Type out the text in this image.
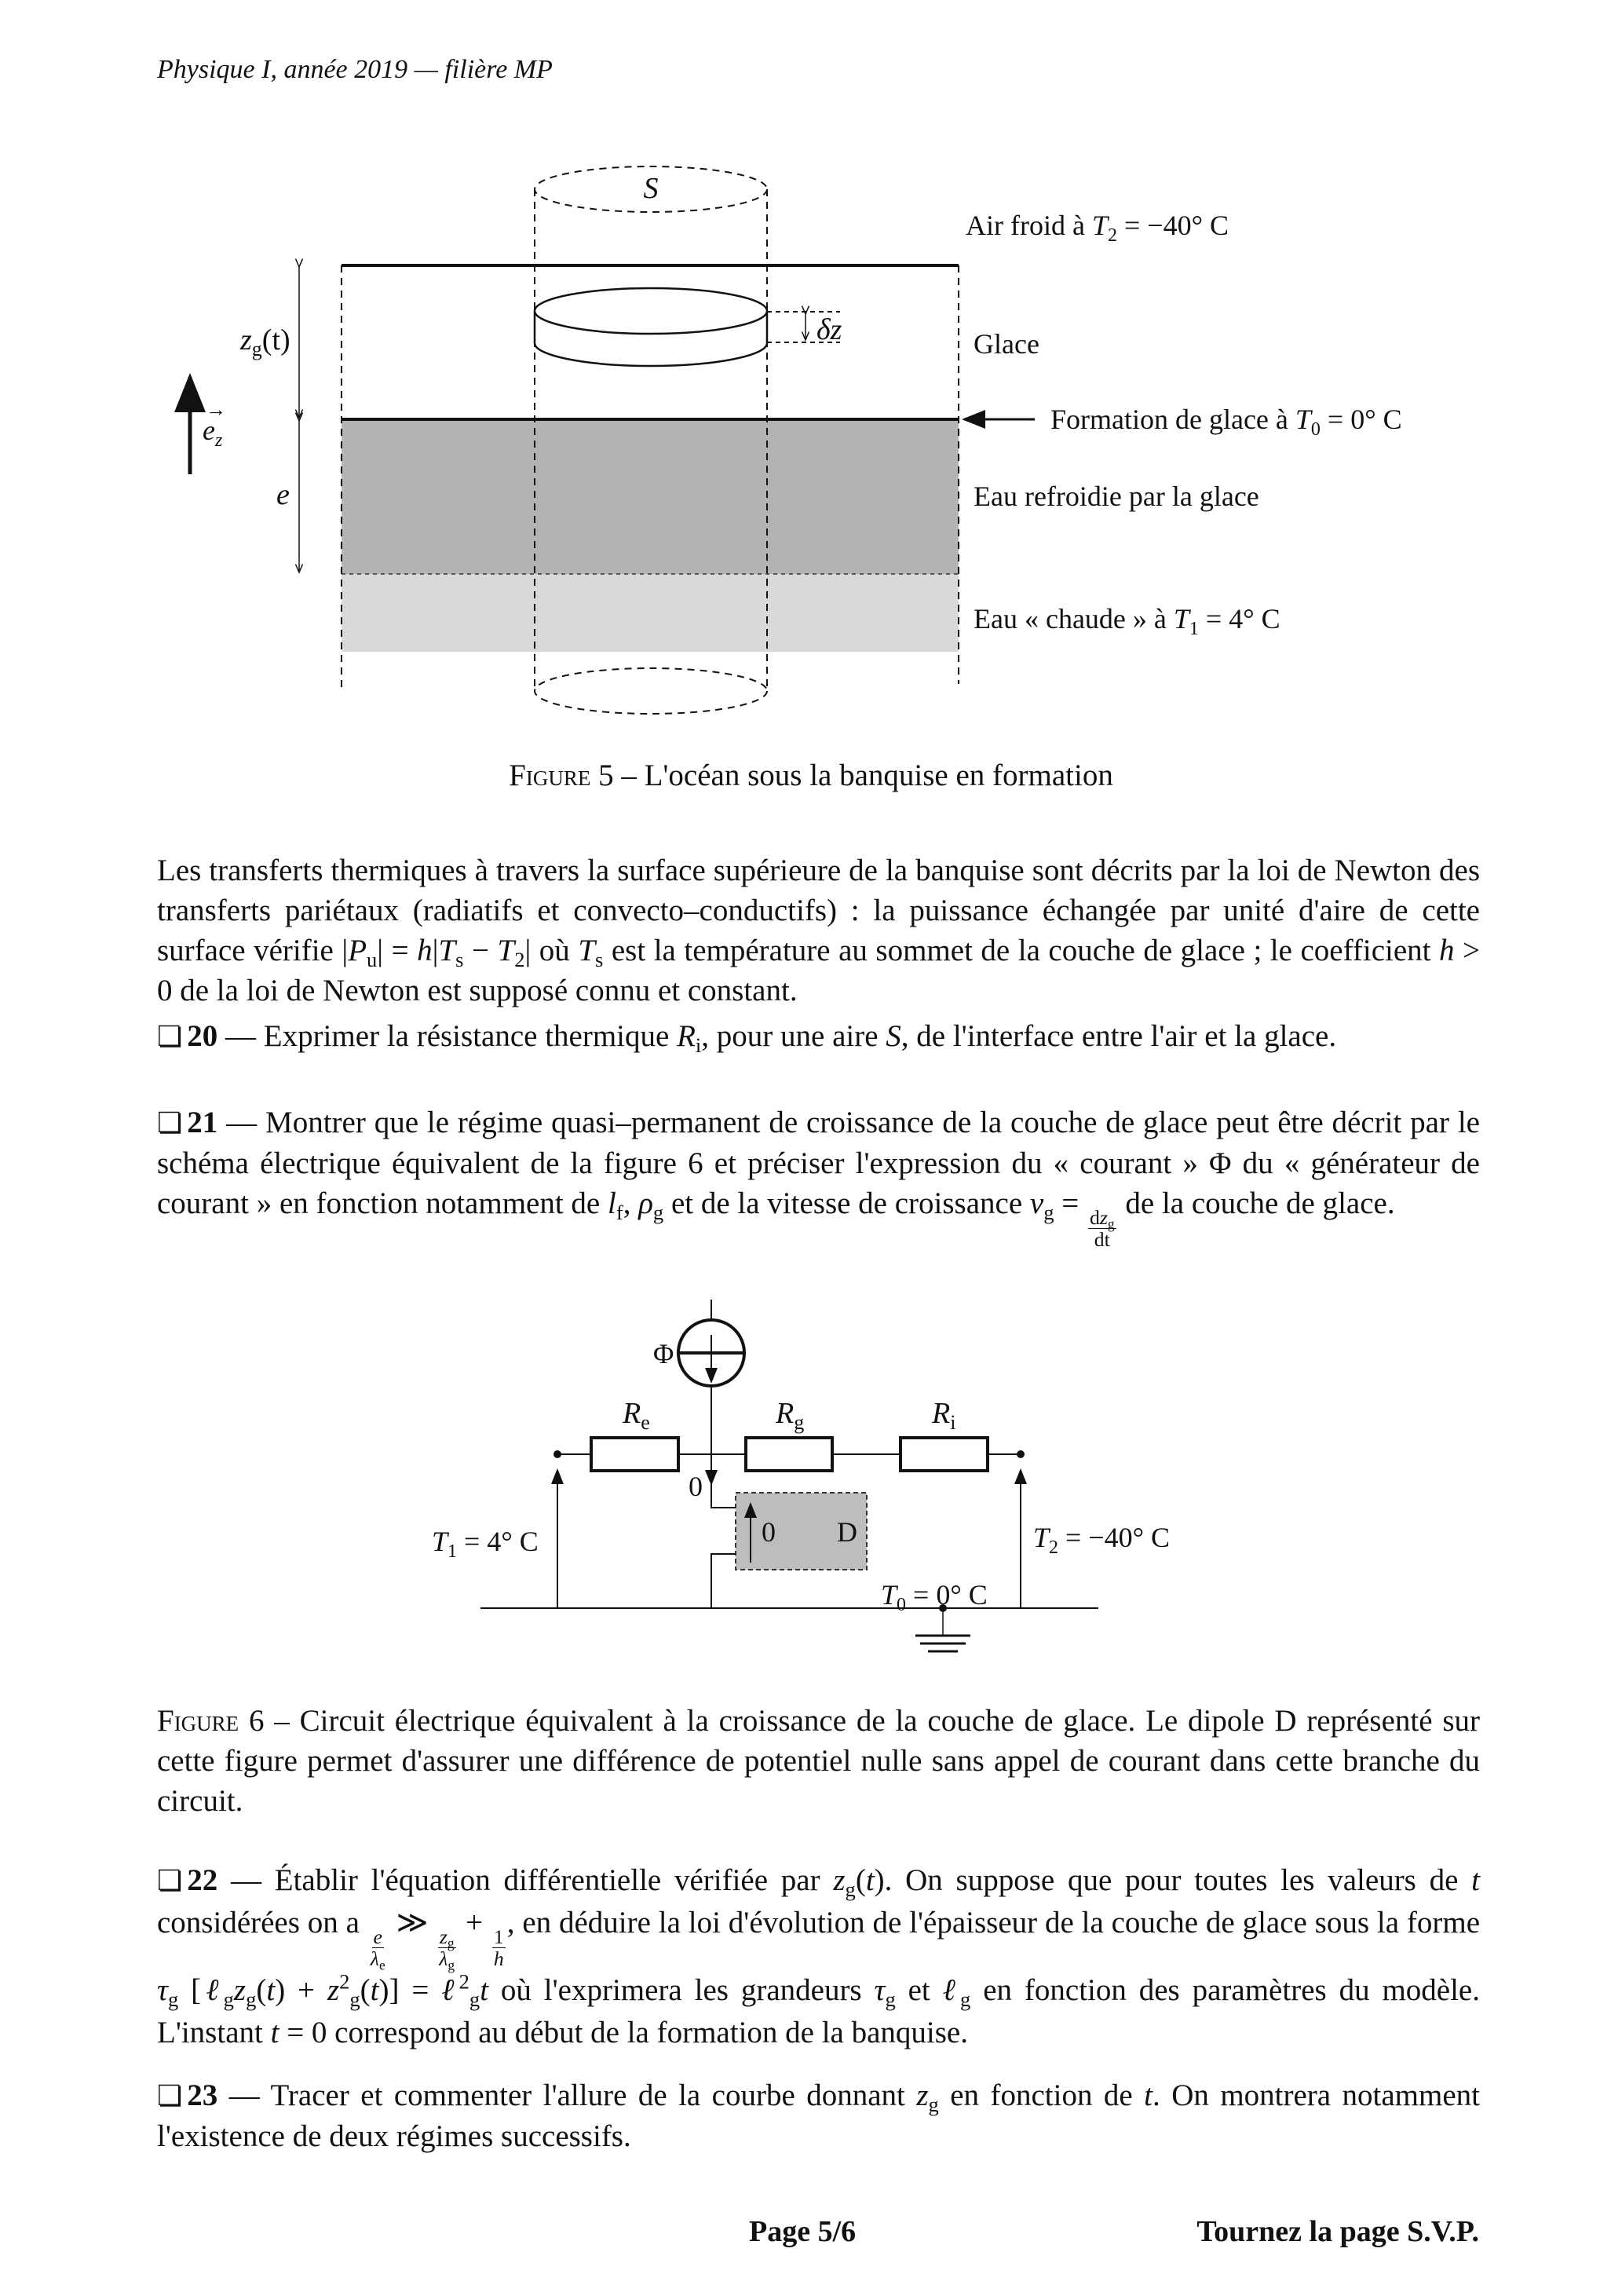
Physique I, année 2019 — filière MP
S
δz
$z_g(t)$
e
$e_z$
→
Air froid à $T_2 = -40^\circ$ C
Glace
Formation de glace à $T_0 = 0^\circ$ C
Eau refroidie par la glace
Eau « chaude » à $T_1 = 4^\circ$ C
Figure 5 – L'océan sous la banquise en formation
Les transferts thermiques à travers la surface supérieure de la banquise sont décrits par la loi de Newton des transferts pariétaux (radiatifs et convecto–conductifs) : la puissance échangée par unité d'aire de cette surface vérifie $|P_u| = h|T_s - T_2|$ où $T_s$ est la température au sommet de la couche de glace ; le coefficient h > 0 de la loi de Newton est supposé connu et constant.
❏ 20 — Exprimer la résistance thermique $R_i$, pour une aire S, de l'interface entre l'air et la glace.
❏ 21 — Montrer que le régime quasi–permanent de croissance de la couche de glace peut être décrit par le schéma électrique équivalent de la figure 6 et préciser l'expression du « courant » Φ du « générateur de courant » en fonction notamment de $l_f$, $\rho_g$ et de la vitesse de croissance $v_g$ =
$\frac{dz_g}{dt}$
de la couche de glace.
Φ
$R_e$	$R_g$	$R_i$
0
0 D
$T_1 = 4^\circ$ C	$T_2 = -40^\circ$ C
$T_0 = 0^\circ$ C
Figure 6 – Circuit électrique équivalent à la croissance de la couche de glace. Le dipole D représenté sur cette figure permet d'assurer une différence de potentiel nulle sans appel de courant dans cette branche du circuit.
❏ 22 — Établir l'équation différentielle vérifiée par $z_g(t)$. On suppose que pour toutes les valeurs de t considérées on a
$\frac{e}{\lambda_e}$
≫
$\frac{z_g}{\lambda_g}$
+
$\frac{1}{h}$
, en déduire la loi d'évolution de l'épaisseur de la couche de glace sous la forme $\tau_g$ $[\ell_gz_g(t) + z^2_g(t)]$ = ℓ$^2_g$t où l'exprimera les grandeurs $\tau_g$ et ℓ$_g$ en fonction des paramètres du modèle. L'instant t = 0 correspond au début de la formation de la banquise.
❏ 23 — Tracer et commenter l'allure de la courbe donnant $z_g$ en fonction de t. On montrera notamment l'existence de deux régimes successifs.
Page 5/6	Tournez la page S.V.P.
